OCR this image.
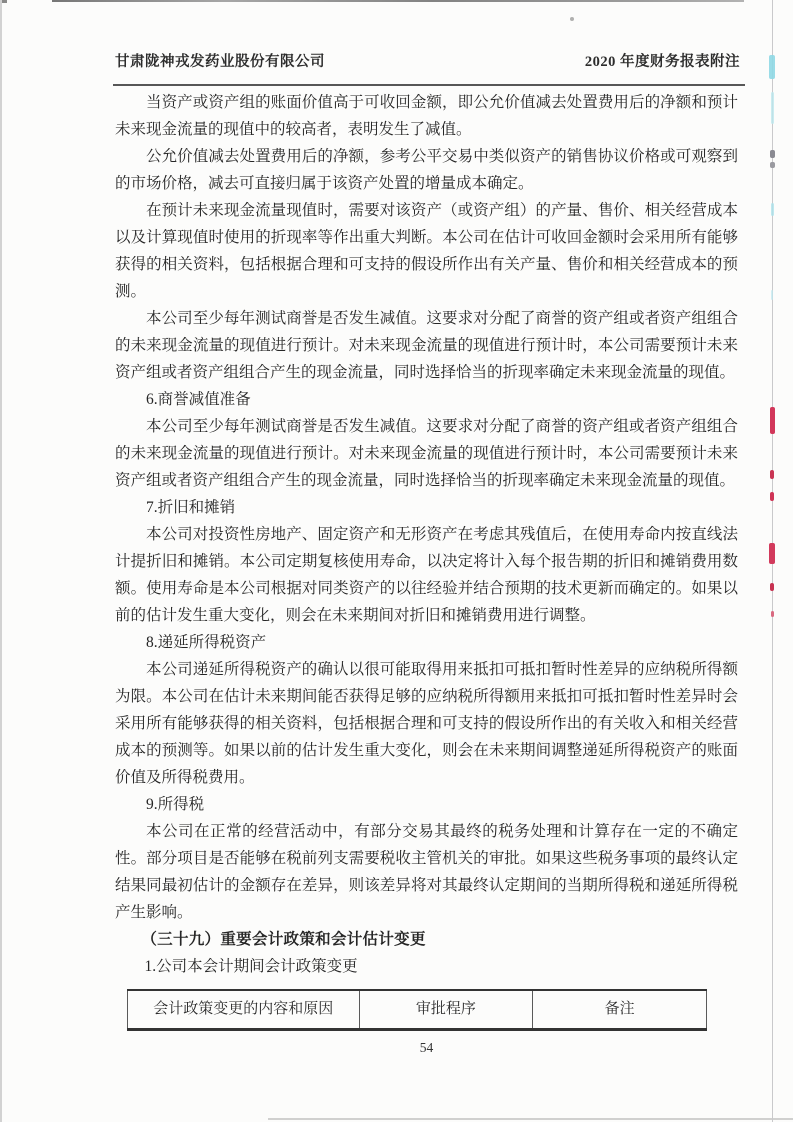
甘肃陇神戎发药业股份有限公司	2020 年度财务报表附注

当资产或资产组的账面价值高于可收回金额，即公允价值减去处置费用后的净额和预计未来现金流量的现值中的较高者，表明发生了减值。

公允价值减去处置费用后的净额，参考公平交易中类似资产的销售协议价格或可观察到的市场价格，减去可直接归属于该资产处置的增量成本确定。

在预计未来现金流量现值时，需要对该资产（或资产组）的产量、售价、相关经营成本以及计算现值时使用的折现率等作出重大判断。本公司在估计可收回金额时会采用所有能够获得的相关资料，包括根据合理和可支持的假设所作出有关产量、售价和相关经营成本的预测。

本公司至少每年测试商誉是否发生减值。这要求对分配了商誉的资产组或者资产组组合的未来现金流量的现值进行预计。对未来现金流量的现值进行预计时，本公司需要预计未来资产组或者资产组组合产生的现金流量，同时选择恰当的折现率确定未来现金流量的现值。

6.商誉减值准备

本公司至少每年测试商誉是否发生减值。这要求对分配了商誉的资产组或者资产组组合的未来现金流量的现值进行预计。对未来现金流量的现值进行预计时，本公司需要预计未来资产组或者资产组组合产生的现金流量，同时选择恰当的折现率确定未来现金流量的现值。

7.折旧和摊销

本公司对投资性房地产、固定资产和无形资产在考虑其残值后，在使用寿命内按直线法计提折旧和摊销。本公司定期复核使用寿命，以决定将计入每个报告期的折旧和摊销费用数额。使用寿命是本公司根据对同类资产的以往经验并结合预期的技术更新而确定的。如果以前的估计发生重大变化，则会在未来期间对折旧和摊销费用进行调整。

8.递延所得税资产

本公司递延所得税资产的确认以很可能取得用来抵扣可抵扣暂时性差异的应纳税所得额为限。本公司在估计未来期间能否获得足够的应纳税所得额用来抵扣可抵扣暂时性差异时会采用所有能够获得的相关资料，包括根据合理和可支持的假设所作出的有关收入和相关经营成本的预测等。如果以前的估计发生重大变化，则会在未来期间调整递延所得税资产的账面价值及所得税费用。

9.所得税

本公司在正常的经营活动中，有部分交易其最终的税务处理和计算存在一定的不确定性。部分项目是否能够在税前列支需要税收主管机关的审批。如果这些税务事项的最终认定结果同最初估计的金额存在差异，则该差异将对其最终认定期间的当期所得税和递延所得税产生影响。

（三十九）重要会计政策和会计估计变更
1.公司本会计期间会计政策变更
会计政策变更的内容和原因	审批程序	备注
54
